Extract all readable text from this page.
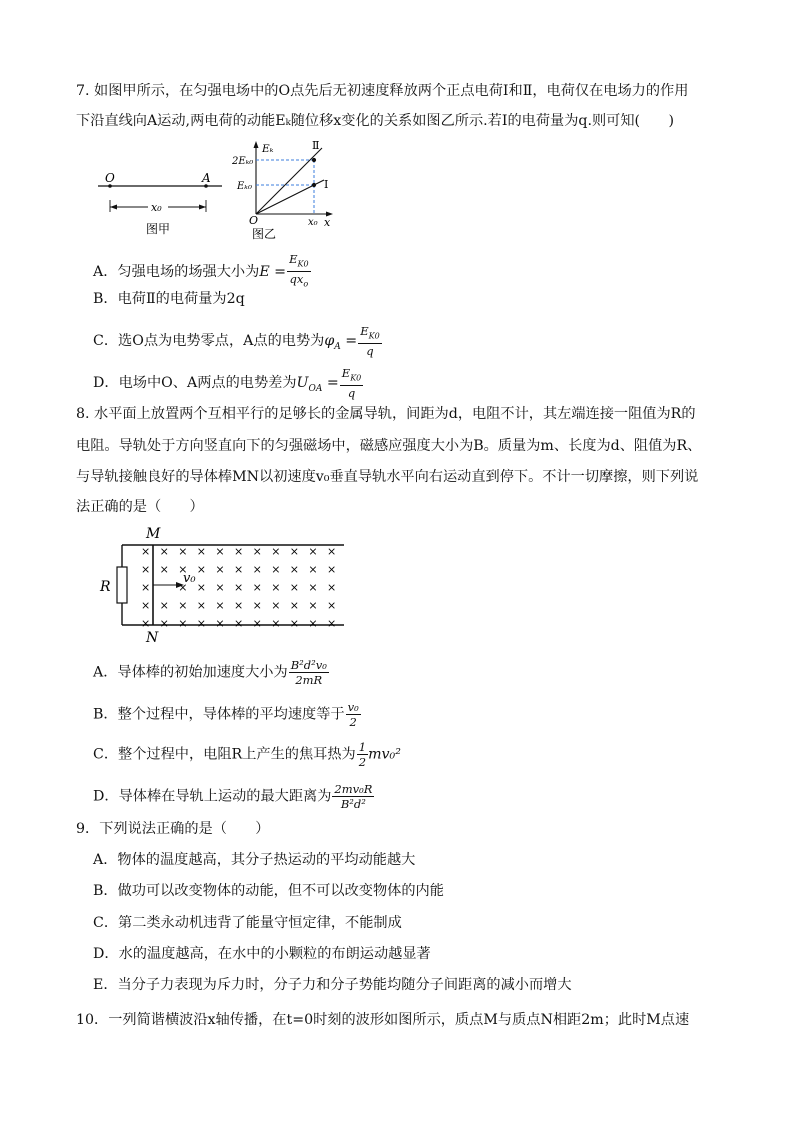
7. 如图甲所示，在匀强电场中的O点先后无初速度释放两个正点电荷Ⅰ和Ⅱ，电荷仅在电场力的作用
下沿直线向A运动,两电荷的动能Eₖ随位移x变化的关系如图乙所示.若Ⅰ的电荷量为q.则可知(　　)
O	A
x₀
图甲
Eₖ
x
O
2Eₖ₀
Eₖ₀
x₀
Ⅱ
Ⅰ
图乙
A．匀强电场的场强大小为$E = \frac{E_{K0}}{qx_o}$
B．电荷Ⅱ的电荷量为2q
C．选O点为电势零点，A点的电势为$\varphi_A = \frac{E_{K0}}{q}$
D．电场中O、A两点的电势差为$U_{OA} = \frac{E_{K0}}{q}$
8. 水平面上放置两个互相平行的足够长的金属导轨，间距为d，电阻不计，其左端连接一阻值为R的
电阻。导轨处于方向竖直向下的匀强磁场中，磁感应强度大小为B。质量为m、长度为d、阻值为R、
与导轨接触良好的导体棒MN以初速度v₀垂直导轨水平向右运动直到停下。不计一切摩擦，则下列说
法正确的是（　　）
M
N
R
v₀
× × × × × × × × × × ×
× × × × × × × × × × ×
×	× × × × × × × × ×
× × × × × × × × × × ×
× × × × × × × × × × ×
A．导体棒的初始加速度大小为 $\frac{\text{B²d²v₀}}{2mR}$
B．整个过程中，导体棒的平均速度等于 $\frac{\text{v₀}}{2}$
C．整个过程中，电阻R上产生的焦耳热为 $\frac{1}{2} mv_0^2$
D．导体棒在导轨上运动的最大距离为 $\frac{\text{2mv₀R}}{\text{B²d²}}$
9．下列说法正确的是（　　）
A．物体的温度越高，其分子热运动的平均动能越大
B．做功可以改变物体的动能，但不可以改变物体的内能
C．第二类永动机违背了能量守恒定律，不能制成
D．水的温度越高，在水中的小颗粒的布朗运动越显著
E．当分子力表现为斥力时，分子力和分子势能均随分子间距离的减小而增大
10．一列简谐横波沿x轴传播，在t=0时刻的波形如图所示，质点M与质点N相距2m；此时M点速
